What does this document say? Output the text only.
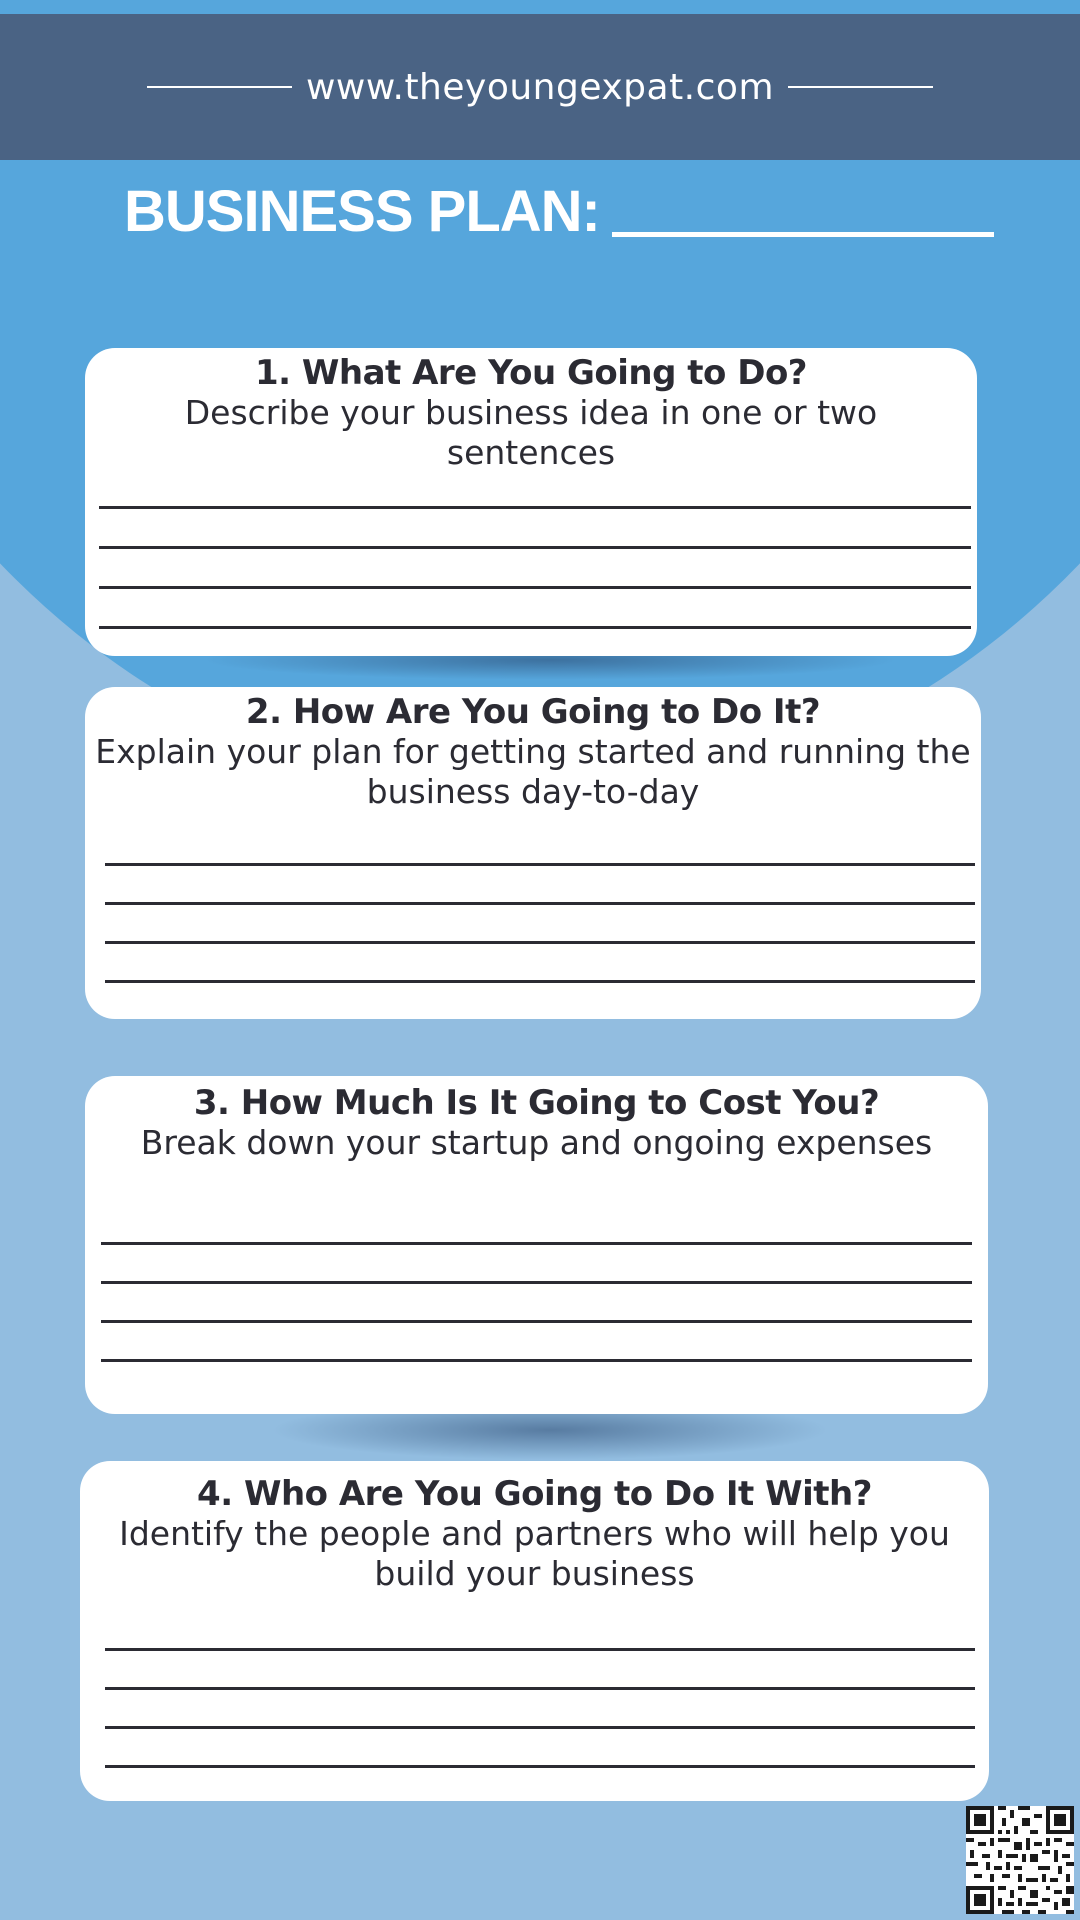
www.theyoungexpat.com
BUSINESS PLAN:
1. What Are You Going to Do?
Describe your business idea in one or two sentences
2. How Are You Going to Do It?
Explain your plan for getting started and running the business day-to-day
3. How Much Is It Going to Cost You?
Break down your startup and ongoing expenses
4. Who Are You Going to Do It With?
Identify the people and partners who will help you build your business
